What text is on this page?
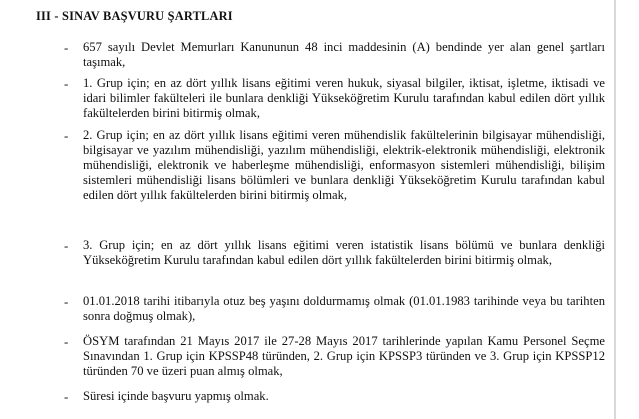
III - SINAV BAŞVURU ŞARTLARI
- 657 sayılı Devlet Memurları Kanununun 48 inci maddesinin (A) bendinde yer alan genel şartları taşımak,
- 1. Grup için; en az dört yıllık lisans eğitimi veren hukuk, siyasal bilgiler, iktisat, işletme, iktisadi ve idari bilimler fakülteleri ile bunlara denkliği Yükseköğretim Kurulu tarafından kabul edilen dört yıllık fakültelerden birini bitirmiş olmak,
- 2. Grup için; en az dört yıllık lisans eğitimi veren mühendislik fakültelerinin bilgisayar mühendisliği, bilgisayar ve yazılım mühendisliği, yazılım mühendisliği, elektrik-elektronik mühendisliği, elektronik mühendisliği, elektronik ve haberleşme mühendisliği, enformasyon sistemleri mühendisliği, bilişim sistemleri mühendisliği lisans bölümleri ve bunlara denkliği Yükseköğretim Kurulu tarafından kabul edilen dört yıllık fakültelerden birini bitirmiş olmak,
- 3. Grup için; en az dört yıllık lisans eğitimi veren istatistik lisans bölümü ve bunlara denkliği Yükseköğretim Kurulu tarafından kabul edilen dört yıllık fakültelerden birini bitirmiş olmak,
- 01.01.2018 tarihi itibarıyla otuz beş yaşını doldurmamış olmak (01.01.1983 tarihinde veya bu tarihten sonra doğmuş olmak),
- ÖSYM tarafından 21 Mayıs 2017 ile 27-28 Mayıs 2017 tarihlerinde yapılan Kamu Personel Seçme Sınavından 1. Grup için KPSSP48 türünden, 2. Grup için KPSSP3 türünden ve 3. Grup için KPSSP12 türünden 70 ve üzeri puan almış olmak,
- Süresi içinde başvuru yapmış olmak.
